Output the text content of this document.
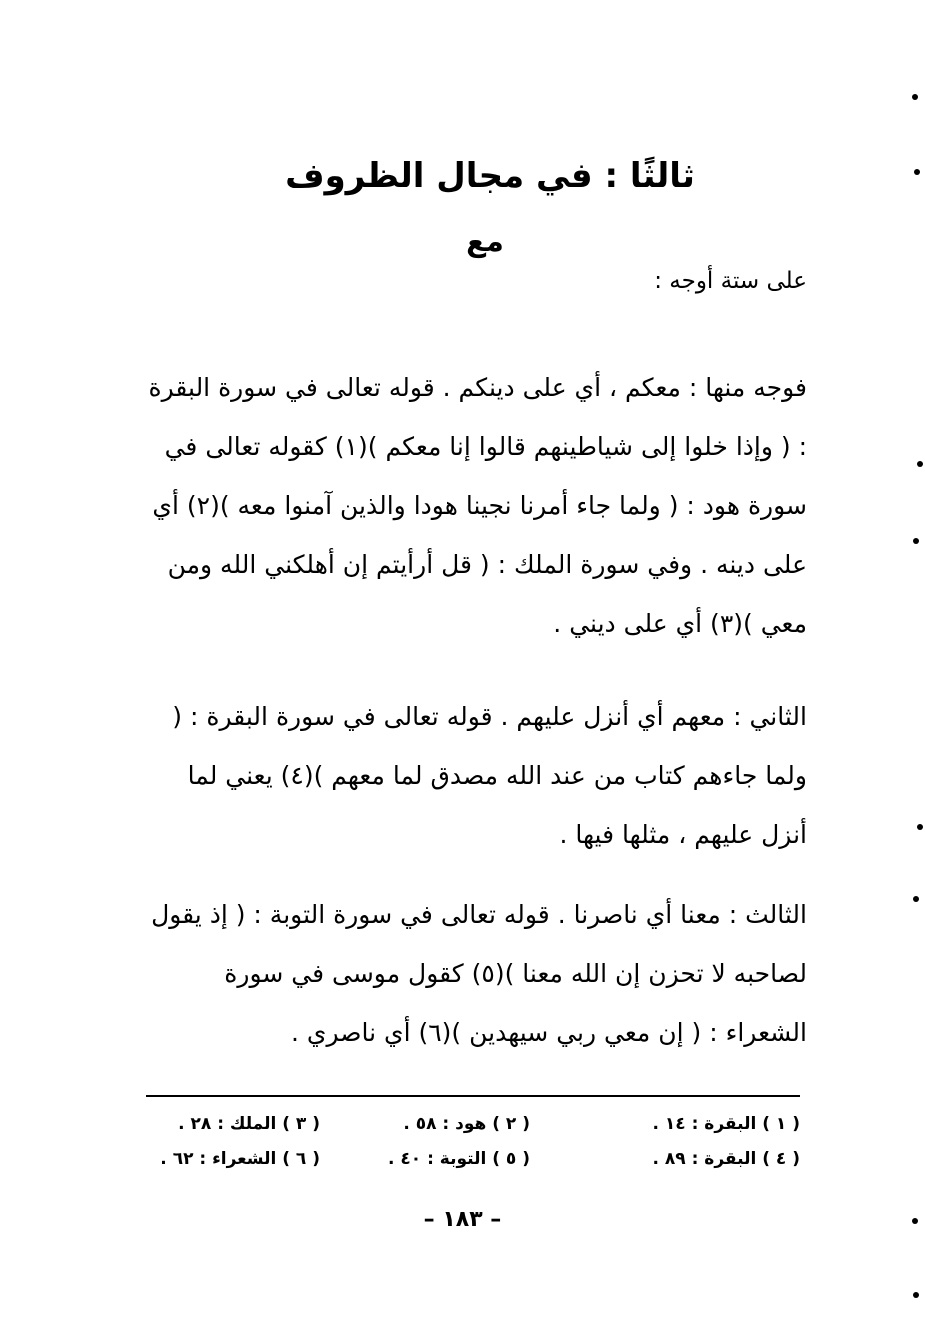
ثالثًا : في مجال الظروف
مع
على ستة أوجه :

فوجه منها : معكم ، أي على دينكم . قوله تعالى في سورة البقرة : ( وإذا خلوا إلى شياطينهم قالوا إنا معكم )(١) كقوله تعالى في سورة هود : ( ولما جاء أمرنا نجينا هودا والذين آمنوا معه )(٢) أي على دينه . وفي سورة الملك : ( قل أرأيتم إن أهلكني الله ومن معي )(٣) أي على ديني .

الثاني : معهم أي أنزل عليهم . قوله تعالى في سورة البقرة : ( ولما جاءهم كتاب من عند الله مصدق لما معهم )(٤) يعني لما أنزل عليهم ، مثلها فيها .

الثالث : معنا أي ناصرنا . قوله تعالى في سورة التوبة : ( إذ يقول لصاحبه لا تحزن إن الله معنا )(٥) كقول موسى في سورة الشعراء : ( إن معي ربي سيهدين )(٦) أي ناصري .

( ١ ) البقرة : ١٤ .
( ٢ ) هود : ٥٨ .
( ٣ ) الملك : ٢٨ .
( ٤ ) البقرة : ٨٩ .
( ٥ ) التوبة : ٤٠ .
( ٦ ) الشعراء : ٦٢ .
– ١٨٣ –
